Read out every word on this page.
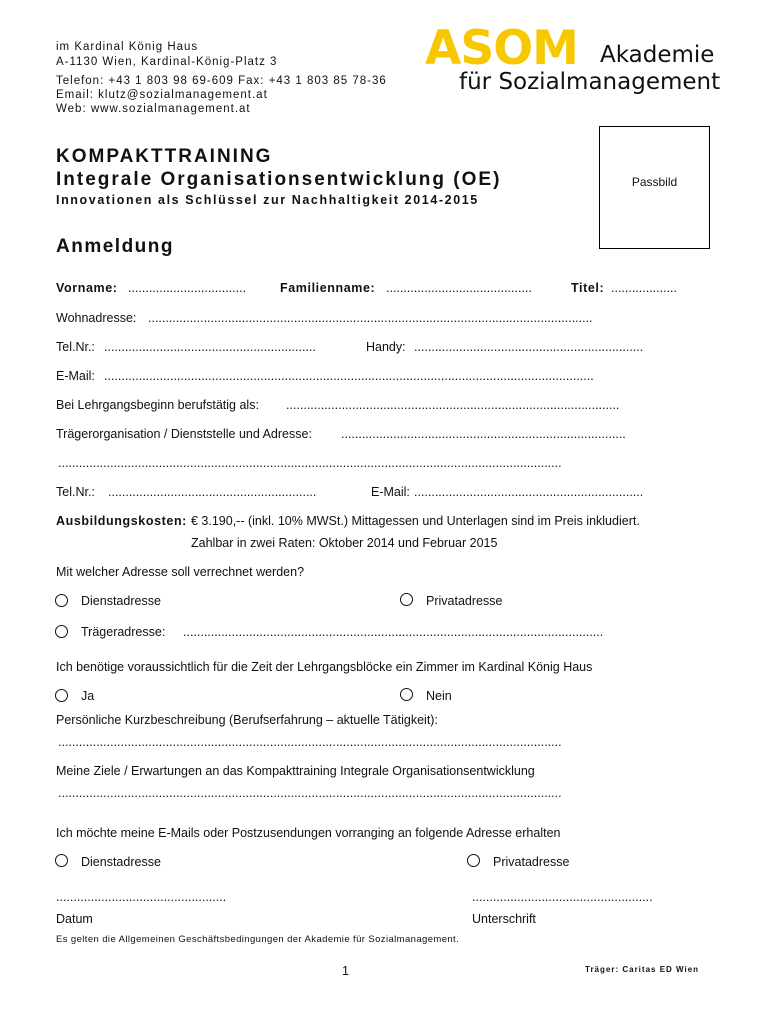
im Kardinal König Haus
A-1130 Wien, Kardinal-König-Platz 3
Telefon: +43 1 803 98 69-609 Fax: +43 1 803 85 78-36
Email: klutz@sozialmanagement.at
Web: www.sozialmanagement.at
ASOM Akademie
für Sozialmanagement
Passbild
KOMPAKTTRAINING
Integrale Organisationsentwicklung (OE)
Innovationen als Schlüssel zur Nachhaltigkeit 2014-2015
Anmeldung
Vorname: ..................................	Familienname: ..........................................	Titel: ...................
Wohnadresse: ................................................................................................................................
Tel.Nr.: .............................................................	Handy: ..................................................................
E-Mail: .............................................................................................................................................
Bei Lehrgangsbeginn berufstätig als: ................................................................................................
Trägerorganisation / Dienststelle und Adresse: ..................................................................................
.................................................................................................................................................
Tel.Nr.: ............................................................	E-Mail: ..................................................................
Ausbildungskosten: € 3.190,-- (inkl. 10% MWSt.) Mittagessen und Unterlagen sind im Preis inkludiert.
Zahlbar in zwei Raten: Oktober 2014 und Februar 2015
Mit welcher Adresse soll verrechnet werden?
Dienstadresse	Privatadresse
Trägeradresse: .........................................................................................................................
Ich benötige voraussichtlich für die Zeit der Lehrgangsblöcke ein Zimmer im Kardinal König Haus
Ja	Nein
Persönliche Kurzbeschreibung (Berufserfahrung – aktuelle Tätigkeit):
.................................................................................................................................................
Meine Ziele / Erwartungen an das Kompakttraining Integrale Organisationsentwicklung
.................................................................................................................................................
Ich möchte meine E-Mails oder Postzusendungen vorranging an folgende Adresse erhalten
Dienstadresse	Privatadresse
.................................................	....................................................
Datum	Unterschrift
Es gelten die Allgemeinen Geschäftsbedingungen der Akademie für Sozialmanagement.
1	Träger: Caritas ED Wien
